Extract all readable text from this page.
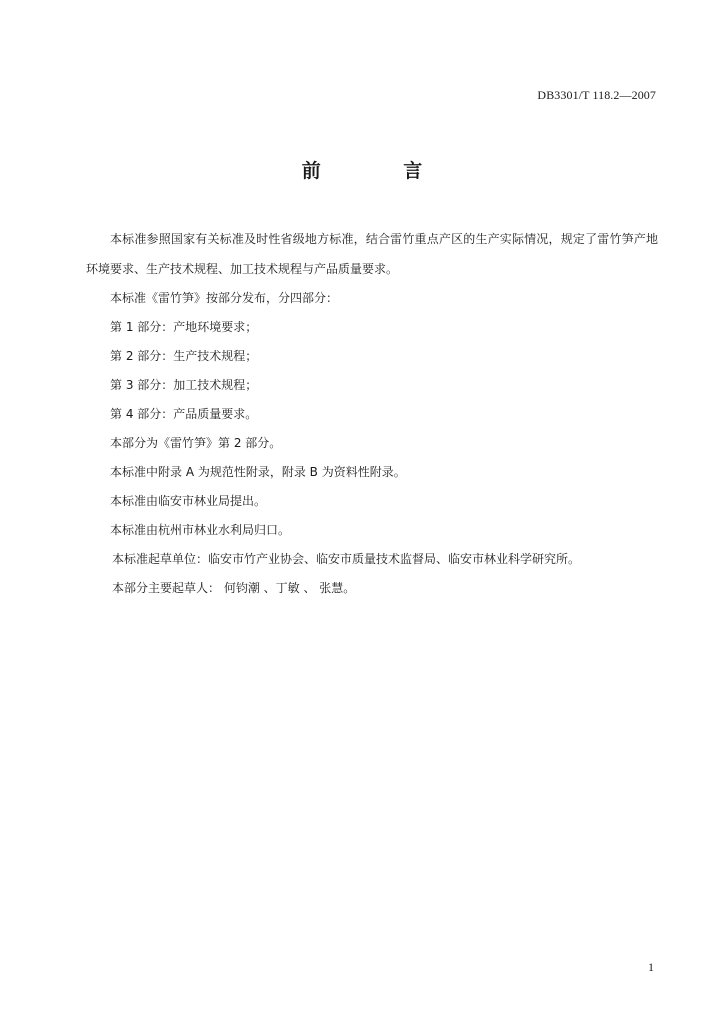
DB3301/T 118.2—2007
前 言

本标准参照国家有关标准及时性省级地方标准，结合雷竹重点产区的生产实际情况，规定了雷竹笋产地环境要求、生产技术规程、加工技术规程与产品质量要求。

本标准《雷竹笋》按部分发布，分四部分：

第 1 部分：产地环境要求；

第 2 部分：生产技术规程；

第 3 部分：加工技术规程；

第 4 部分：产品质量要求。

本部分为《雷竹笋》第 2 部分。

本标准中附录 A 为规范性附录，附录 B 为资料性附录。

本标准由临安市林业局提出。

本标准由杭州市林业水利局归口。

本标准起草单位：临安市竹产业协会、临安市质量技术监督局、临安市林业科学研究所。

本部分主要起草人： 何钧潮 、丁敏 、 张慧。

1
